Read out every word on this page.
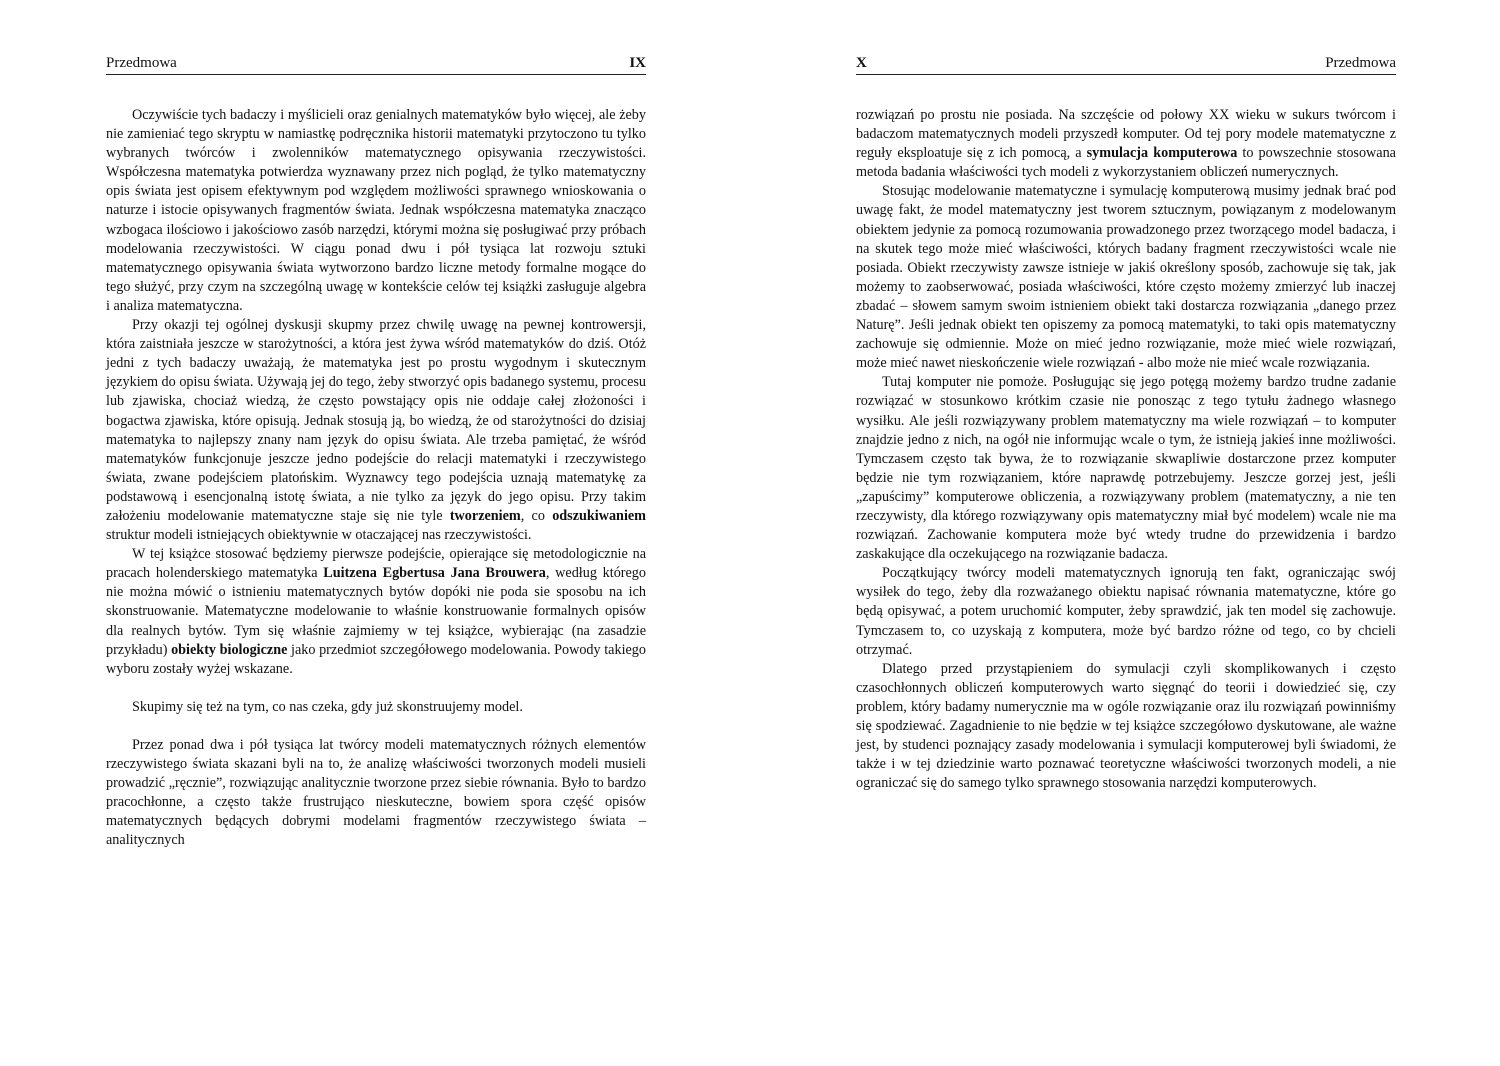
Przedmowa	IX

Oczywiście tych badaczy i myślicieli oraz genialnych matematyków było więcej, ale żeby nie zamieniać tego skryptu w namiastkę podręcznika historii matematyki przytoczono tu tylko wybranych twórców i zwolenników matematycznego opisywania rzeczywistości. Współczesna matematyka potwierdza wyznawany przez nich pogląd, że tylko matematyczny opis świata jest opisem efektywnym pod względem możliwości sprawnego wnioskowania o naturze i istocie opisywanych fragmentów świata. Jednak współczesna matematyka znacząco wzbogaca ilościowo i jakościowo zasób narzędzi, którymi można się posługiwać przy próbach modelowania rzeczywistości. W ciągu ponad dwu i pół tysiąca lat rozwoju sztuki matematycznego opisywania świata wytworzono bardzo liczne metody formalne mogące do tego służyć, przy czym na szczególną uwagę w kontekście celów tej książki zasługuje algebra i analiza matematyczna.

Przy okazji tej ogólnej dyskusji skupmy przez chwilę uwagę na pewnej kontrowersji, która zaistniała jeszcze w starożytności, a która jest żywa wśród matematyków do dziś. Otóż jedni z tych badaczy uważają, że matematyka jest po prostu wygodnym i skutecznym językiem do opisu świata. Używają jej do tego, żeby stworzyć opis badanego systemu, procesu lub zjawiska, chociaż wiedzą, że często powstający opis nie oddaje całej złożoności i bogactwa zjawiska, które opisują. Jednak stosują ją, bo wiedzą, że od starożytności do dzisiaj matematyka to najlepszy znany nam język do opisu świata. Ale trzeba pamiętać, że wśród matematyków funkcjonuje jeszcze jedno podejście do relacji matematyki i rzeczywistego świata, zwane podejściem platońskim. Wyznawcy tego podejścia uznają matematykę za podstawową i esencjonalną istotę świata, a nie tylko za język do jego opisu. Przy takim założeniu modelowanie matematyczne staje się nie tyle tworzeniem, co odszukiwaniem struktur modeli istniejących obiektywnie w otaczającej nas rzeczywistości.

W tej książce stosować będziemy pierwsze podejście, opierające się metodologicznie na pracach holenderskiego matematyka Luitzena Egbertusa Jana Brouwera, według którego nie można mówić o istnieniu matematycznych bytów dopóki nie poda sie sposobu na ich skonstruowanie. Matematyczne modelowanie to właśnie konstruowanie formalnych opisów dla realnych bytów. Tym się właśnie zajmiemy w tej książce, wybierając (na zasadzie przykładu) obiekty biologiczne jako przedmiot szczegółowego modelowania. Powody takiego wyboru zostały wyżej wskazane.

Skupimy się też na tym, co nas czeka, gdy już skonstruujemy model.

Przez ponad dwa i pół tysiąca lat twórcy modeli matematycznych różnych elementów rzeczywistego świata skazani byli na to, że analizę właściwości tworzonych modeli musieli prowadzić „ręcznie”, rozwiązując analitycznie tworzone przez siebie równania. Było to bardzo pracochłonne, a często także frustrująco nieskuteczne, bowiem spora część opisów matematycznych będących dobrymi modelami fragmentów rzeczywistego świata – analitycznych

X	Przedmowa

rozwiązań po prostu nie posiada. Na szczęście od połowy XX wieku w sukurs twórcom i badaczom matematycznych modeli przyszedł komputer. Od tej pory modele matematyczne z reguły eksploatuje się z ich pomocą, a symulacja komputerowa to powszechnie stosowana metoda badania właściwości tych modeli z wykorzystaniem obliczeń numerycznych.

Stosując modelowanie matematyczne i symulację komputerową musimy jednak brać pod uwagę fakt, że model matematyczny jest tworem sztucznym, powiązanym z modelowanym obiektem jedynie za pomocą rozumowania prowadzonego przez tworzącego model badacza, i na skutek tego może mieć właściwości, których badany fragment rzeczywistości wcale nie posiada. Obiekt rzeczywisty zawsze istnieje w jakiś określony sposób, zachowuje się tak, jak możemy to zaobserwować, posiada właściwości, które często możemy zmierzyć lub inaczej zbadać – słowem samym swoim istnieniem obiekt taki dostarcza rozwiązania „danego przez Naturę”. Jeśli jednak obiekt ten opiszemy za pomocą matematyki, to taki opis matematyczny zachowuje się odmiennie. Może on mieć jedno rozwiązanie, może mieć wiele rozwiązań, może mieć nawet nieskończenie wiele rozwiązań - albo może nie mieć wcale rozwiązania.

Tutaj komputer nie pomoże. Posługując się jego potęgą możemy bardzo trudne zadanie rozwiązać w stosunkowo krótkim czasie nie ponosząc z tego tytułu żadnego własnego wysiłku. Ale jeśli rozwiązywany problem matematyczny ma wiele rozwiązań – to komputer znajdzie jedno z nich, na ogół nie informując wcale o tym, że istnieją jakieś inne możliwości. Tymczasem często tak bywa, że to rozwiązanie skwapliwie dostarczone przez komputer będzie nie tym rozwiązaniem, które naprawdę potrzebujemy. Jeszcze gorzej jest, jeśli „zapuścimy” komputerowe obliczenia, a rozwiązywany problem (matematyczny, a nie ten rzeczywisty, dla którego rozwiązywany opis matematyczny miał być modelem) wcale nie ma rozwiązań. Zachowanie komputera może być wtedy trudne do przewidzenia i bardzo zaskakujące dla oczekującego na rozwiązanie badacza.

Początkujący twórcy modeli matematycznych ignorują ten fakt, ograniczając swój wysiłek do tego, żeby dla rozważanego obiektu napisać równania matematyczne, które go będą opisywać, a potem uruchomić komputer, żeby sprawdzić, jak ten model się zachowuje. Tymczasem to, co uzyskają z komputera, może być bardzo różne od tego, co by chcieli otrzymać.

Dlatego przed przystąpieniem do symulacji czyli skomplikowanych i często czasochłonnych obliczeń komputerowych warto sięgnąć do teorii i dowiedzieć się, czy problem, który badamy numerycznie ma w ogóle rozwiązanie oraz ilu rozwiązań powinniśmy się spodziewać. Zagadnienie to nie będzie w tej książce szczegółowo dyskutowane, ale ważne jest, by studenci poznający zasady modelowania i symulacji komputerowej byli świadomi, że także i w tej dziedzinie warto poznawać teoretyczne właściwości tworzonych modeli, a nie ograniczać się do samego tylko sprawnego stosowania narzędzi komputerowych.
